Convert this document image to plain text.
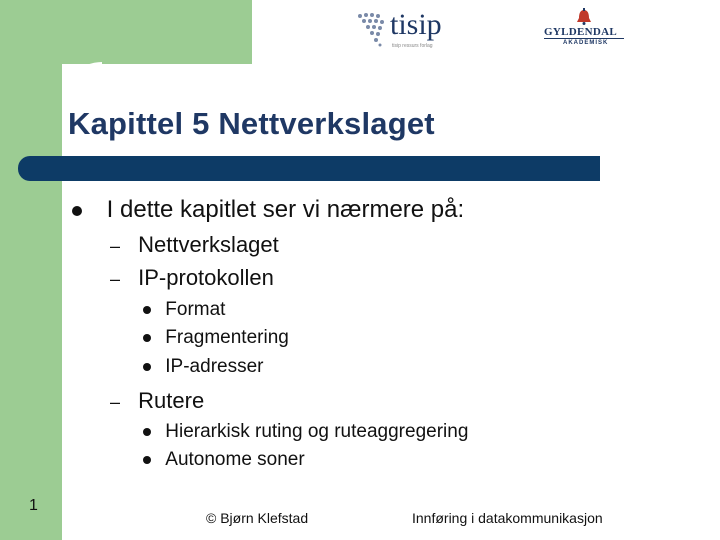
tisip
tisip ressurs forlag
GYLDENDAL
AKADEMISK
Kapittel 5 Nettverkslaget
I dette kapitlet ser vi nærmere på:
– Nettverkslaget
– IP-protokollen
Format
Fragmentering
IP-adresser
– Rutere
Hierarkisk ruting og ruteaggregering
Autonome soner
1
© Bjørn Klefstad	Innføring i datakommunikasjon
